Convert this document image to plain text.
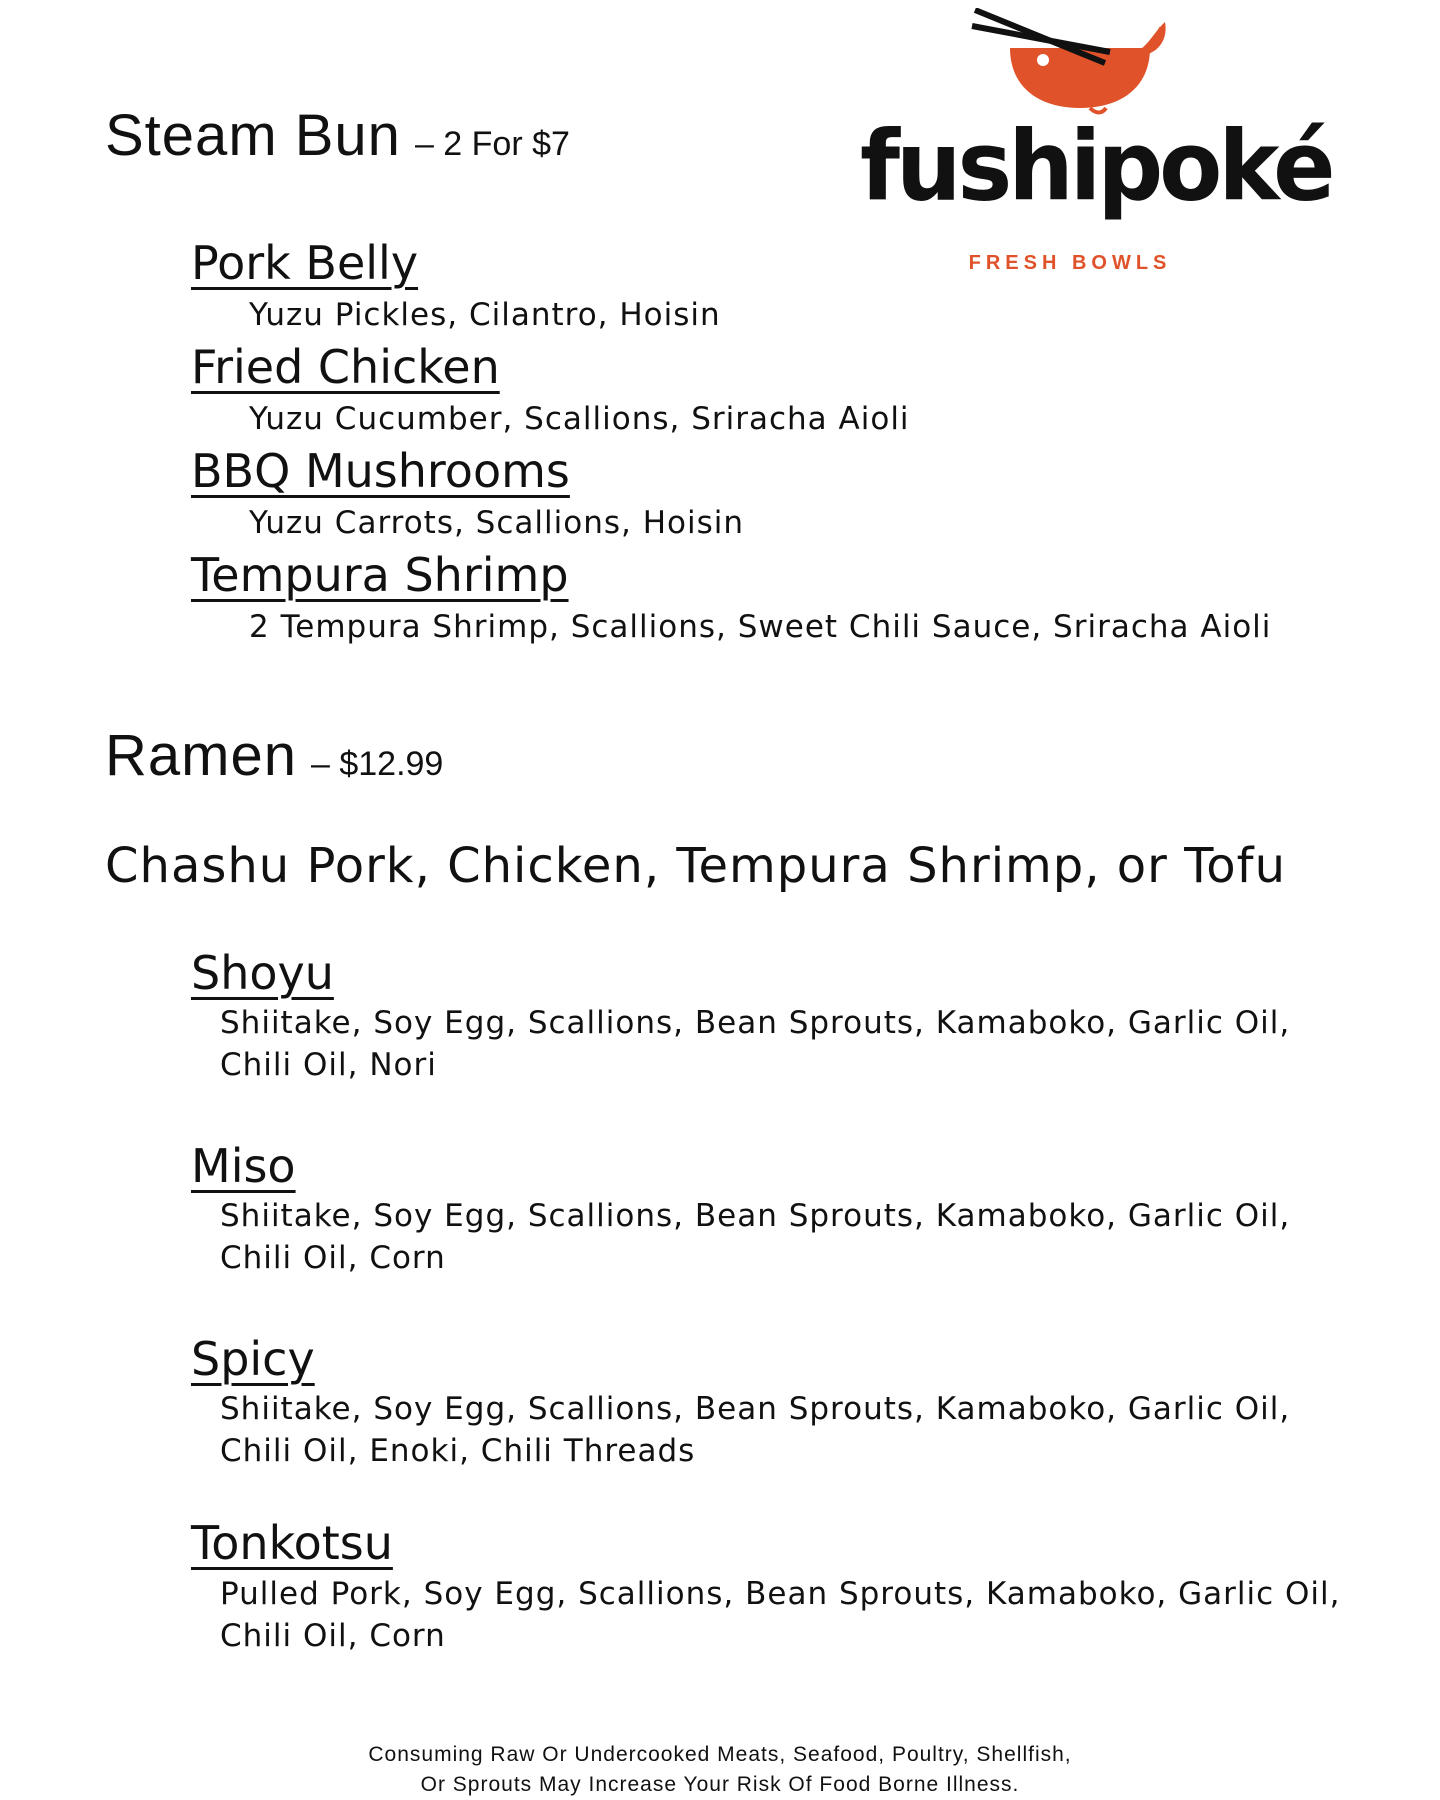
fushipoké
FRESH BOWLS
Steam Bun – 2 For $7
Pork Belly
Yuzu Pickles, Cilantro, Hoisin
Fried Chicken
Yuzu Cucumber, Scallions, Sriracha Aioli
BBQ Mushrooms
Yuzu Carrots, Scallions, Hoisin
Tempura Shrimp
2 Tempura Shrimp, Scallions, Sweet Chili Sauce, Sriracha Aioli
Ramen – $12.99
Chashu Pork, Chicken, Tempura Shrimp, or Tofu
Shoyu
Shiitake, Soy Egg, Scallions, Bean Sprouts, Kamaboko, Garlic Oil,
Chili Oil, Nori
Miso
Shiitake, Soy Egg, Scallions, Bean Sprouts, Kamaboko, Garlic Oil,
Chili Oil, Corn
Spicy
Shiitake, Soy Egg, Scallions, Bean Sprouts, Kamaboko, Garlic Oil,
Chili Oil, Enoki, Chili Threads
Tonkotsu
Pulled Pork, Soy Egg, Scallions, Bean Sprouts, Kamaboko, Garlic Oil,
Chili Oil, Corn
Consuming Raw Or Undercooked Meats, Seafood, Poultry, Shellfish,
Or Sprouts May Increase Your Risk Of Food Borne Illness.
